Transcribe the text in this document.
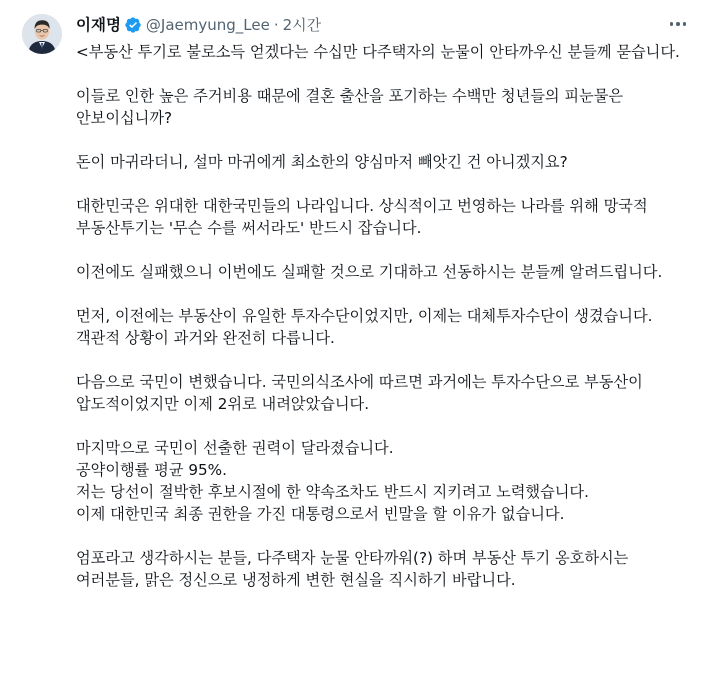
이재명 @Jaemyung_Lee · 2시간
<부동산 투기로 불로소득 얻겠다는 수십만 다주택자의 눈물이 안타까우신 분들께 묻습니다.
이들로 인한 높은 주거비용 때문에 결혼 출산을 포기하는 수백만 청년들의 피눈물은 안보이십니까?
돈이 마귀라더니, 설마 마귀에게 최소한의 양심마저 빼앗긴 건 아니겠지요?
대한민국은 위대한 대한국민들의 나라입니다. 상식적이고 번영하는 나라를 위해 망국적 부동산투기는 '무슨 수를 써서라도' 반드시 잡습니다.
이전에도 실패했으니 이번에도 실패할 것으로 기대하고 선동하시는 분들께 알려드립니다.
먼저, 이전에는 부동산이 유일한 투자수단이었지만, 이제는 대체투자수단이 생겼습니다. 객관적 상황이 과거와 완전히 다릅니다.
다음으로 국민이 변했습니다. 국민의식조사에 따르면 과거에는 투자수단으로 부동산이 압도적이었지만 이제 2위로 내려앉았습니다.
마지막으로 국민이 선출한 권력이 달라졌습니다.
공약이행률 평균 95%.
저는 당선이 절박한 후보시절에 한 약속조차도 반드시 지키려고 노력했습니다.
이제 대한민국 최종 권한을 가진 대통령으로서 빈말을 할 이유가 없습니다.
엄포라고 생각하시는 분들, 다주택자 눈물 안타까워(?) 하며 부동산 투기 옹호하시는 여러분들, 맑은 정신으로 냉정하게 변한 현실을 직시하기 바랍니다.
